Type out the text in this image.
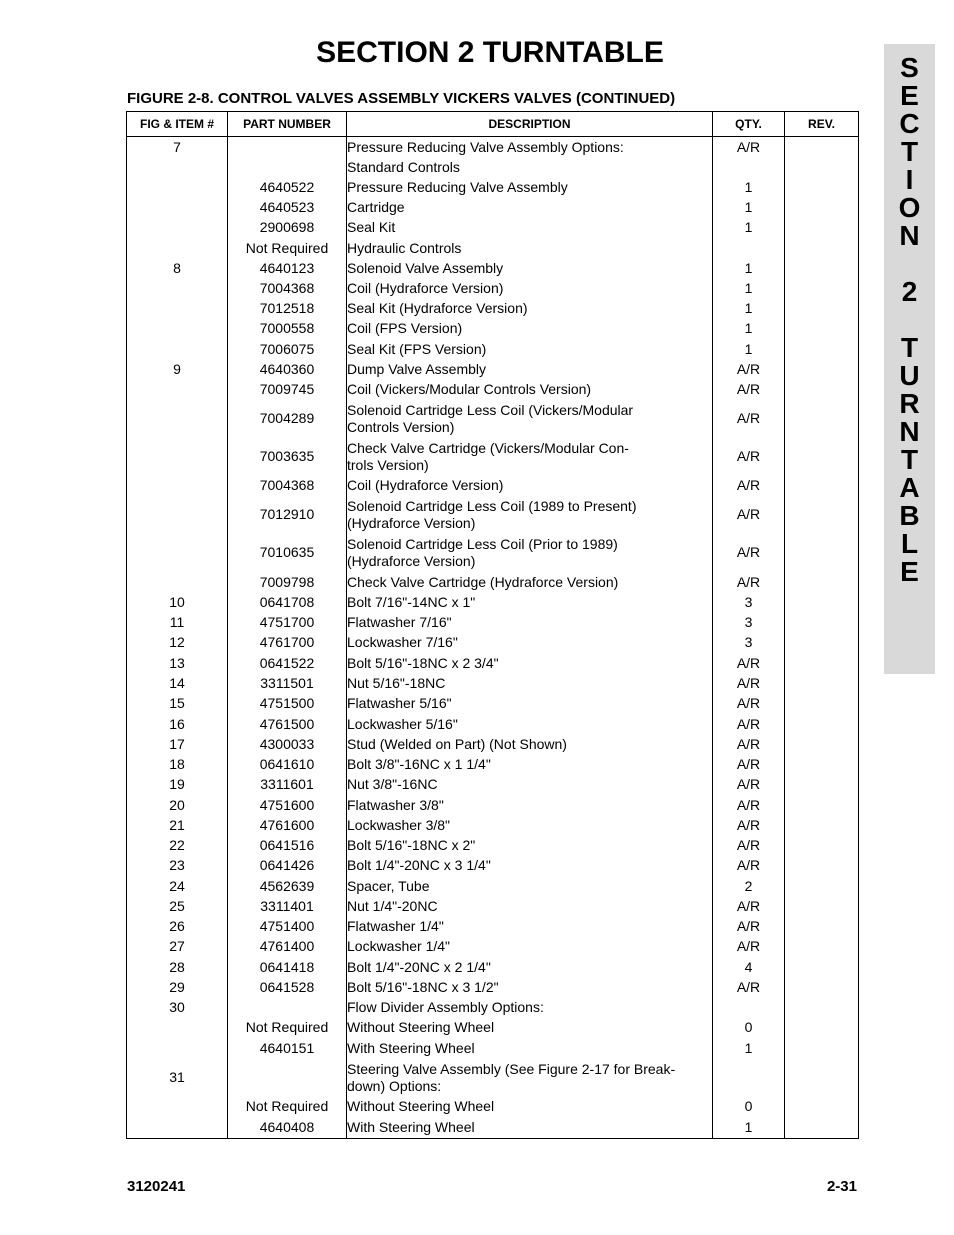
SECTION 2 TURNTABLE
FIGURE 2-8. CONTROL VALVES ASSEMBLY VICKERS VALVES (CONTINUED)
S
E
C
T
I
O
N
2
T
U
R
N
T
A
B
L
E
FIG & ITEM #	PART NUMBER	DESCRIPTION	QTY.	REV.
7		Pressure Reducing Valve Assembly Options:	A/R	
		Standard Controls		
	4640522	Pressure Reducing Valve Assembly	1	
	4640523	Cartridge	1	
	2900698	Seal Kit	1	
	Not Required	Hydraulic Controls		
8	4640123	Solenoid Valve Assembly	1	
	7004368	Coil (Hydraforce Version)	1	
	7012518	Seal Kit (Hydraforce Version)	1	
	7000558	Coil (FPS Version)	1	
	7006075	Seal Kit (FPS Version)	1	
9	4640360	Dump Valve Assembly	A/R	
	7009745	Coil (Vickers/Modular Controls Version)	A/R	
	7004289	Solenoid Cartridge Less Coil (Vickers/Modular
Controls Version)	A/R	
	7003635	Check Valve Cartridge (Vickers/Modular Con-
trols Version)	A/R	
	7004368	Coil (Hydraforce Version)	A/R	
	7012910	Solenoid Cartridge Less Coil (1989 to Present)
(Hydraforce Version)	A/R	
	7010635	Solenoid Cartridge Less Coil (Prior to 1989)
(Hydraforce Version)	A/R	
	7009798	Check Valve Cartridge (Hydraforce Version)	A/R	
10	0641708	Bolt 7/16"-14NC x 1"	3	
11	4751700	Flatwasher 7/16"	3	
12	4761700	Lockwasher 7/16"	3	
13	0641522	Bolt 5/16"-18NC x 2 3/4"	A/R	
14	3311501	Nut 5/16"-18NC	A/R	
15	4751500	Flatwasher 5/16"	A/R	
16	4761500	Lockwasher 5/16"	A/R	
17	4300033	Stud (Welded on Part) (Not Shown)	A/R	
18	0641610	Bolt 3/8"-16NC x 1 1/4"	A/R	
19	3311601	Nut 3/8"-16NC	A/R	
20	4751600	Flatwasher 3/8"	A/R	
21	4761600	Lockwasher 3/8"	A/R	
22	0641516	Bolt 5/16"-18NC x 2"	A/R	
23	0641426	Bolt 1/4"-20NC x 3 1/4"	A/R	
24	4562639	Spacer, Tube	2	
25	3311401	Nut 1/4"-20NC	A/R	
26	4751400	Flatwasher 1/4"	A/R	
27	4761400	Lockwasher 1/4"	A/R	
28	0641418	Bolt 1/4"-20NC x 2 1/4"	4	
29	0641528	Bolt 5/16"-18NC x 3 1/2"	A/R	
30		Flow Divider Assembly Options:		
	Not Required	Without Steering Wheel	0	
	4640151	With Steering Wheel	1	
31		Steering Valve Assembly (See Figure 2-17 for Break-
down) Options:		

	Not Required	Without Steering Wheel	0	
	4640408	With Steering Wheel	1	
3120241	2-31
